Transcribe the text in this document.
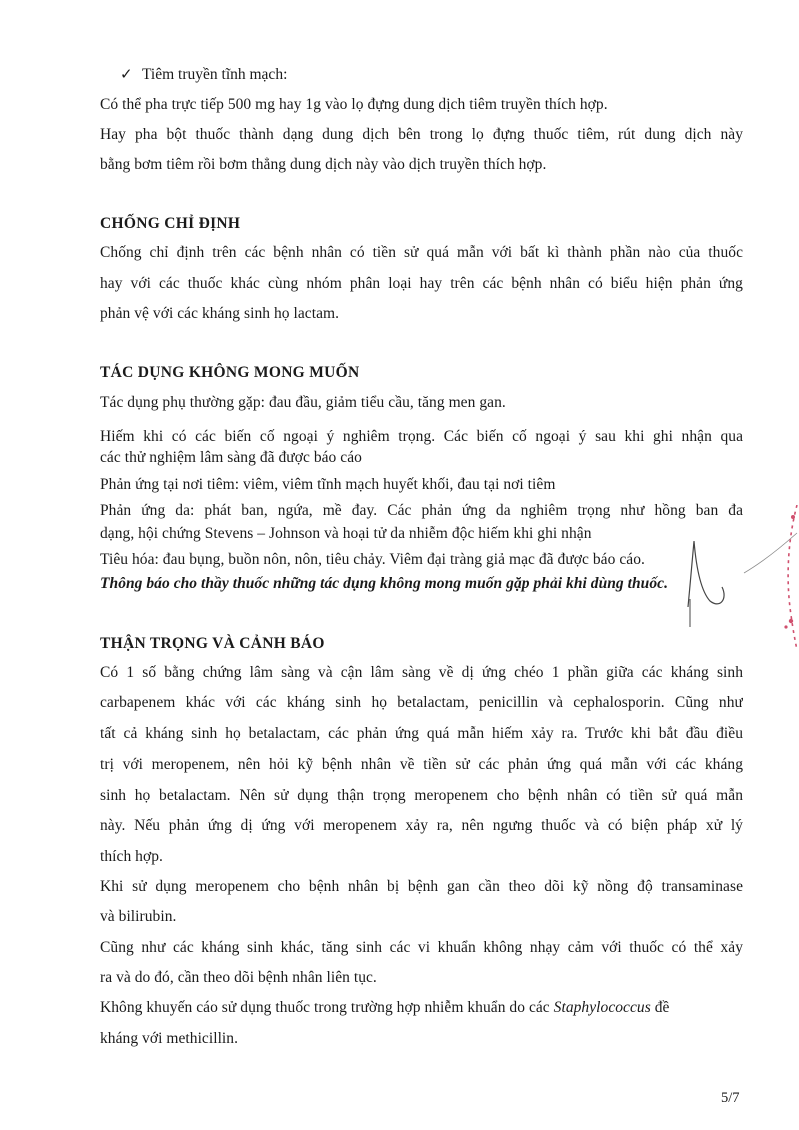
✓ Tiêm truyền tĩnh mạch:
Có thể pha trực tiếp 500 mg hay 1g vào lọ đựng dung dịch tiêm truyền thích hợp.
Hay pha bột thuốc thành dạng dung dịch bên trong lọ đựng thuốc tiêm, rút dung dịch này
bằng bơm tiêm rồi bơm thẳng dung dịch này vào dịch truyền thích hợp.
CHỐNG CHỈ ĐỊNH
Chống chỉ định trên các bệnh nhân có tiền sử quá mẫn với bất kì thành phần nào của thuốc
hay với các thuốc khác cùng nhóm phân loại hay trên các bệnh nhân có biểu hiện phản ứng
phản vệ với các kháng sinh họ lactam.
TÁC DỤNG KHÔNG MONG MUỐN
Tác dụng phụ thường gặp: đau đầu, giảm tiểu cầu, tăng men gan.
Hiếm khi có các biến cố ngoại ý nghiêm trọng. Các biến cố ngoại ý sau khi ghi nhận qua
các thử nghiệm lâm sàng đã được báo cáo
Phản ứng tại nơi tiêm: viêm, viêm tĩnh mạch huyết khối, đau tại nơi tiêm
Phản ứng da: phát ban, ngứa, mề đay. Các phản ứng da nghiêm trọng như hồng ban đa
dạng, hội chứng Stevens – Johnson và hoại tử da nhiễm độc hiếm khi ghi nhận
Tiêu hóa: đau bụng, buồn nôn, nôn, tiêu chảy. Viêm đại tràng giả mạc đã được báo cáo.
Thông báo cho thầy thuốc những tác dụng không mong muốn gặp phải khi dùng thuốc.
THẬN TRỌNG VÀ CẢNH BÁO
Có 1 số bằng chứng lâm sàng và cận lâm sàng về dị ứng chéo 1 phần giữa các kháng sinh
carbapenem khác với các kháng sinh họ betalactam, penicillin và cephalosporin. Cũng như
tất cả kháng sinh họ betalactam, các phản ứng quá mẫn hiếm xảy ra. Trước khi bắt đầu điều
trị với meropenem, nên hỏi kỹ bệnh nhân về tiền sử các phản ứng quá mẫn với các kháng
sinh họ betalactam. Nên sử dụng thận trọng meropenem cho bệnh nhân có tiền sử quá mẫn
này. Nếu phản ứng dị ứng với meropenem xảy ra, nên ngưng thuốc và có biện pháp xử lý
thích hợp.
Khi sử dụng meropenem cho bệnh nhân bị bệnh gan cần theo dõi kỹ nồng độ transaminase
và bilirubin.
Cũng như các kháng sinh khác, tăng sinh các vi khuẩn không nhạy cảm với thuốc có thể xảy
ra và do đó, cần theo dõi bệnh nhân liên tục.
Không khuyến cáo sử dụng thuốc trong trường hợp nhiễm khuẩn do các Staphylococcus đề
kháng với methicillin.
5/7
